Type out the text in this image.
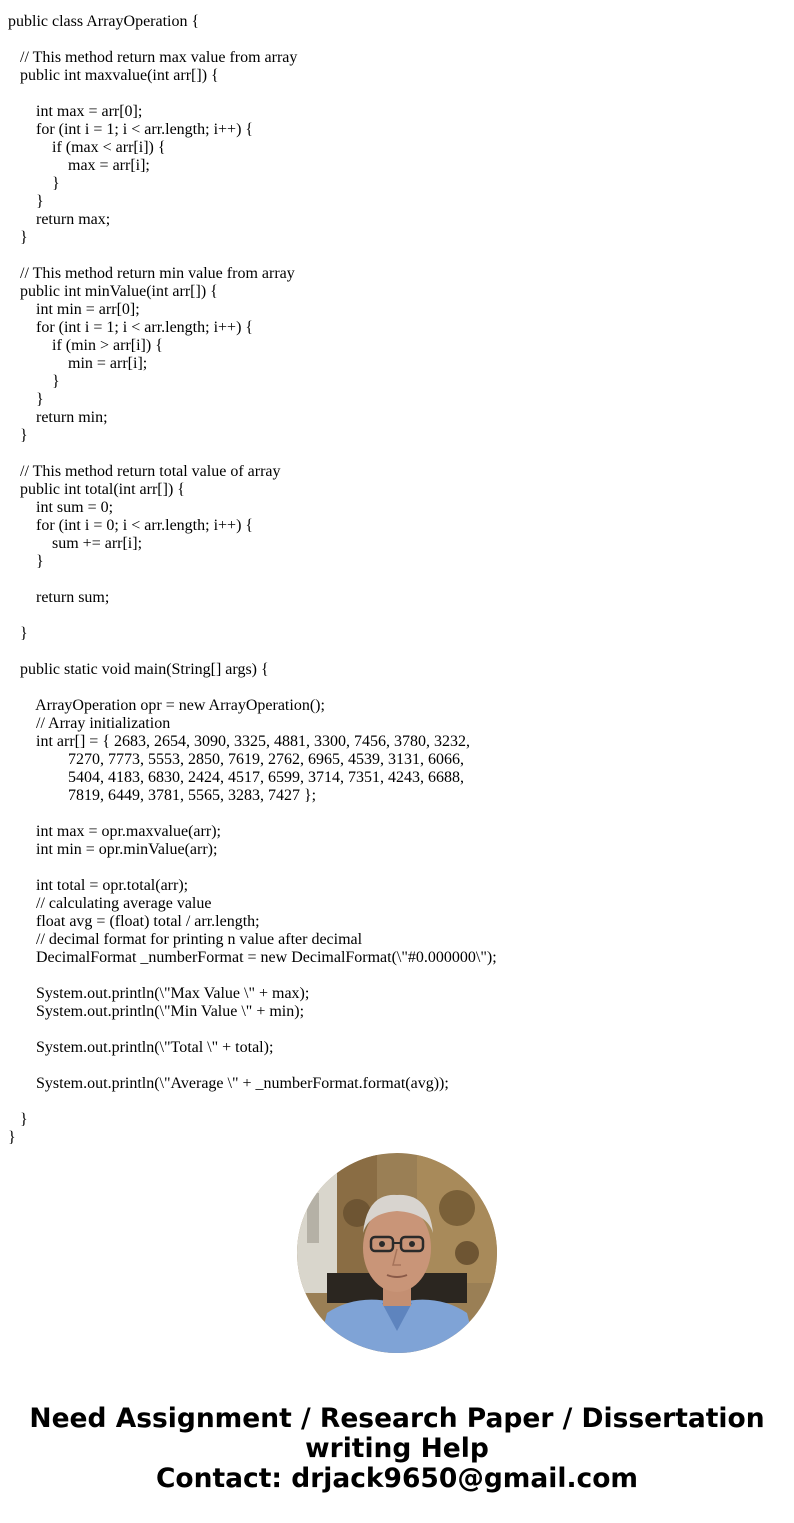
public class ArrayOperation {
// This method return max value from array
public int maxvalue(int arr[]) {
int max = arr[0];
for (int i = 1; i < arr.length; i++) {
if (max < arr[i]) {
max = arr[i];
}
}
return max;
}
// This method return min value from array
public int minValue(int arr[]) {
int min = arr[0];
for (int i = 1; i < arr.length; i++) {
if (min > arr[i]) {
min = arr[i];
}
}
return min;
}
// This method return total value of array
public int total(int arr[]) {
int sum = 0;
for (int i = 0; i < arr.length; i++) {
sum += arr[i];
}
return sum;
}
public static void main(String[] args) {
ArrayOperation opr = new ArrayOperation();
// Array initialization
int arr[] = { 2683, 2654, 3090, 3325, 4881, 3300, 7456, 3780, 3232,
7270, 7773, 5553, 2850, 7619, 2762, 6965, 4539, 3131, 6066,
5404, 4183, 6830, 2424, 4517, 6599, 3714, 7351, 4243, 6688,
7819, 6449, 3781, 5565, 3283, 7427 };
int max = opr.maxvalue(arr);
int min = opr.minValue(arr);
int total = opr.total(arr);
// calculating average value
float avg = (float) total / arr.length;
// decimal format for printing n value after decimal
DecimalFormat _numberFormat = new DecimalFormat(\"#0.000000\");
System.out.println(\"Max Value \" + max);
System.out.println(\"Min Value \" + min);
System.out.println(\"Total \" + total);
System.out.println(\"Average \" + _numberFormat.format(avg));
}
}
Need Assignment / Research Paper / Dissertation
writing Help
Contact: drjack9650@gmail.com
